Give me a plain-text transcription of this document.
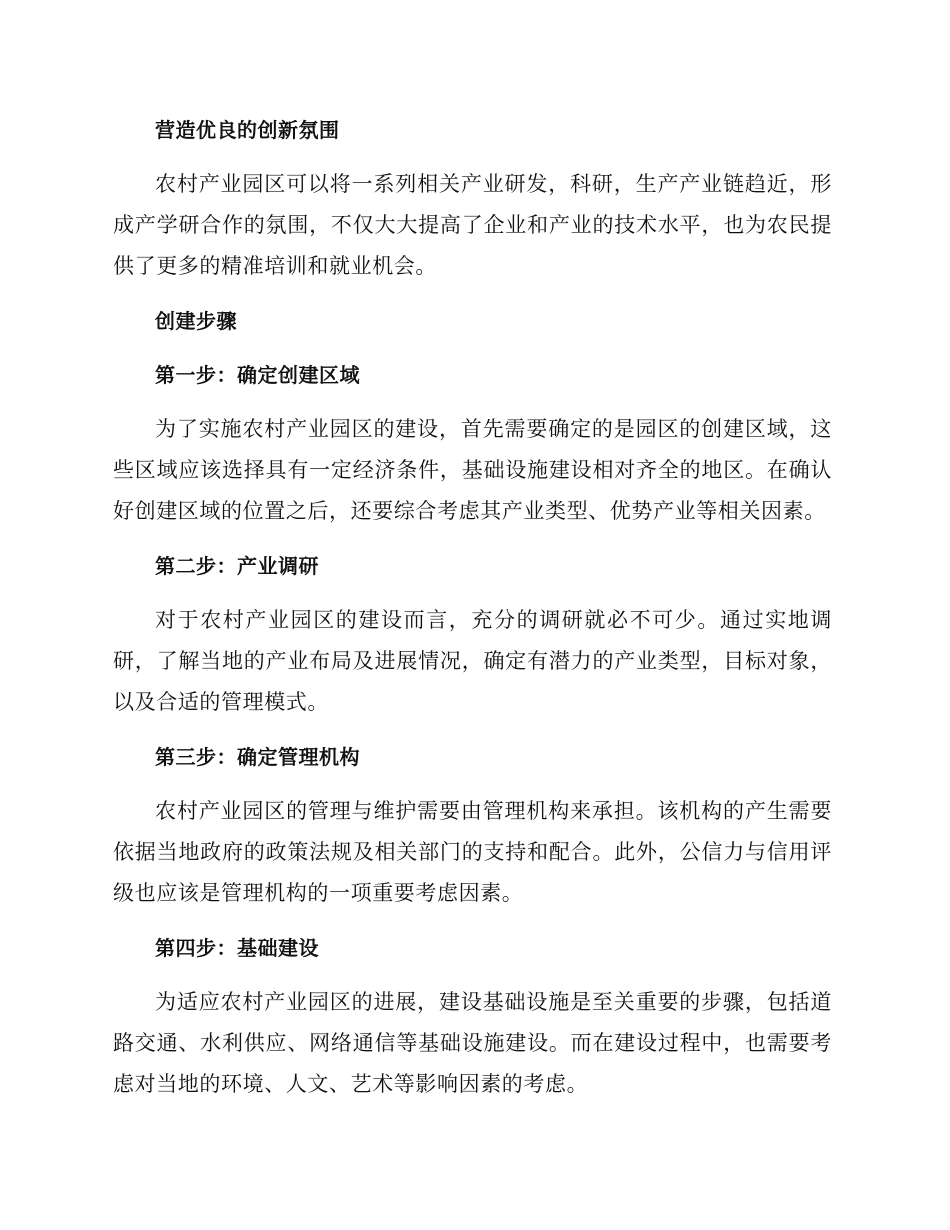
营造优良的创新氛围
农村产业园区可以将一系列相关产业研发，科研，生产产业链趋近，形成产学研合作的氛围，不仅大大提高了企业和产业的技术水平，也为农民提供了更多的精准培训和就业机会。
创建步骤
第一步：确定创建区域
为了实施农村产业园区的建设，首先需要确定的是园区的创建区域，这些区域应该选择具有一定经济条件，基础设施建设相对齐全的地区。在确认好创建区域的位置之后，还要综合考虑其产业类型、优势产业等相关因素。
第二步：产业调研
对于农村产业园区的建设而言，充分的调研就必不可少。通过实地调研，了解当地的产业布局及进展情况，确定有潜力的产业类型，目标对象，以及合适的管理模式。
第三步：确定管理机构
农村产业园区的管理与维护需要由管理机构来承担。该机构的产生需要依据当地政府的政策法规及相关部门的支持和配合。此外，公信力与信用评级也应该是管理机构的一项重要考虑因素。
第四步：基础建设
为适应农村产业园区的进展，建设基础设施是至关重要的步骤，包括道路交通、水利供应、网络通信等基础设施建设。而在建设过程中，也需要考虑对当地的环境、人文、艺术等影响因素的考虑。
